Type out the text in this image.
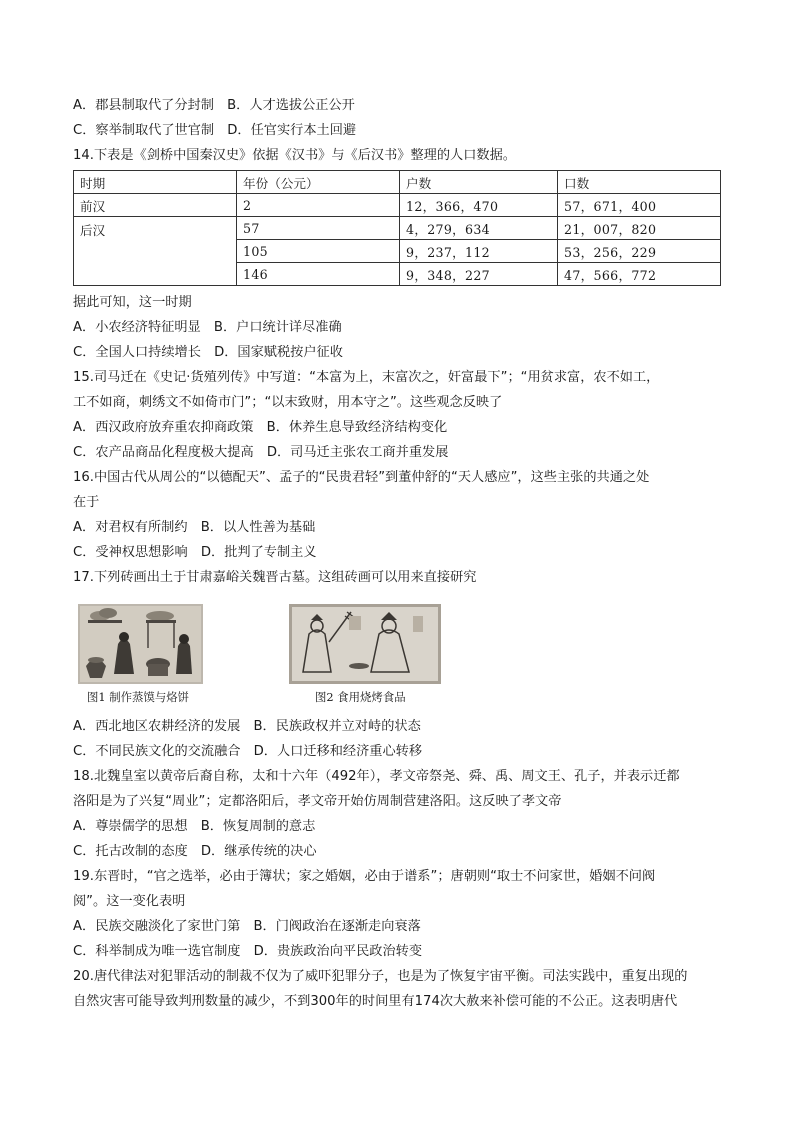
A．郡县制取代了分封制　B．人才选拔公正公开
C．察举制取代了世官制　D．任官实行本土回避
14.下表是《剑桥中国秦汉史》依据《汉书》与《后汉书》整理的人口数据。
时期	年份（公元）	户数	口数
前汉	2	12，366，470	57，671，400
后汉	57	4，279，634	21，007，820
	105	9，237，112	53，256，229
	146	9，348，227	47，566，772
据此可知，这一时期
A．小农经济特征明显　B．户口统计详尽准确
C．全国人口持续增长　D．国家赋税按户征收
15.司马迁在《史记·货殖列传》中写道：“本富为上，末富次之，奸富最下”；“用贫求富，农不如工，
工不如商，刺绣文不如倚市门”；“以末致财，用本守之”。这些观念反映了
A．西汉政府放弃重农抑商政策　B．休养生息导致经济结构变化
C．农产品商品化程度极大提高　D．司马迁主张农工商并重发展
16.中国古代从周公的“以德配天”、孟子的“民贵君轻”到董仲舒的“天人感应”，这些主张的共通之处
在于
A．对君权有所制约　B．以人性善为基础
C．受神权思想影响　D．批判了专制主义
17.下列砖画出土于甘肃嘉峪关魏晋古墓。这组砖画可以用来直接研究
图1 制作蒸馍与烙饼	图2 食用烧烤食品
A．西北地区农耕经济的发展　B．民族政权并立对峙的状态
C．不同民族文化的交流融合　D．人口迁移和经济重心转移
18.北魏皇室以黄帝后裔自称，太和十六年（492年），孝文帝祭尧、舜、禹、周文王、孔子，并表示迁都
洛阳是为了兴复“周业”；定都洛阳后，孝文帝开始仿周制营建洛阳。这反映了孝文帝
A．尊崇儒学的思想　B．恢复周制的意志
C．托古改制的态度　D．继承传统的决心
19.东晋时，“官之选举，必由于簿状；家之婚姻，必由于谱系”；唐朝则“取士不问家世，婚姻不问阀
阅”。这一变化表明
A．民族交融淡化了家世门第　B．门阀政治在逐渐走向衰落
C．科举制成为唯一选官制度　D．贵族政治向平民政治转变
20.唐代律法对犯罪活动的制裁不仅为了威吓犯罪分子，也是为了恢复宇宙平衡。司法实践中，重复出现的
自然灾害可能导致判刑数量的减少，不到300年的时间里有174次大赦来补偿可能的不公正。这表明唐代
